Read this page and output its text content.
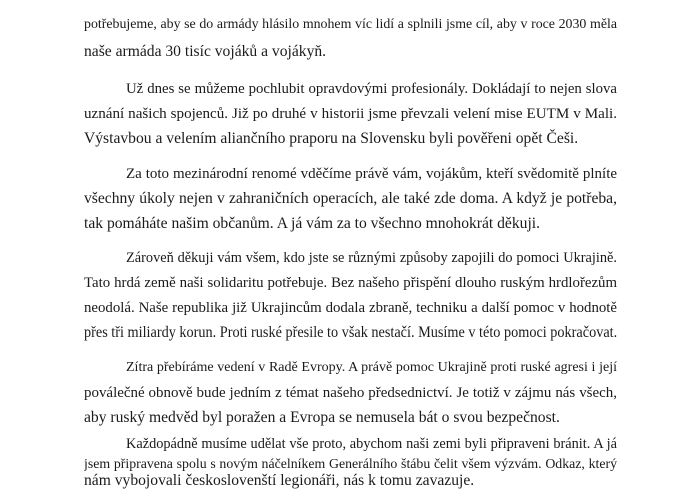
potřebujeme, aby se do armády hlásilo mnohem víc lidí a splnili jsme cíl, aby v roce 2030 měla
naše armáda 30 tisíc vojáků a vojákyň.
Už dnes se můžeme pochlubit opravdovými profesionály. Dokládají to nejen slova
uznání našich spojenců. Již po druhé v historii jsme převzali velení mise EUTM v Mali.
Výstavbou a velením aliančního praporu na Slovensku byli pověřeni opět Češi.
Za toto mezinárodní renomé vděčíme právě vám, vojákům, kteří svědomitě plníte
všechny úkoly nejen v zahraničních operacích, ale také zde doma. A když je potřeba,
tak pomáháte našim občanům. A já vám za to všechno mnohokrát děkuji.
Zároveň děkuji vám všem, kdo jste se různými způsoby zapojili do pomoci Ukrajině.
Tato hrdá země naši solidaritu potřebuje. Bez našeho přispění dlouho ruským hrdlořezům
neodolá. Naše republika již Ukrajincům dodala zbraně, techniku a další pomoc v hodnotě
přes tři miliardy korun. Proti ruské přesile to však nestačí. Musíme v této pomoci pokračovat.
Zítra přebíráme vedení v Radě Evropy. A právě pomoc Ukrajině proti ruské agresi i její
poválečné obnově bude jedním z témat našeho předsednictví. Je totiž v zájmu nás všech,
aby ruský medvěd byl poražen a Evropa se nemusela bát o svou bezpečnost.
Každopádně musíme udělat vše proto, abychom naši zemi byli připraveni bránit. A já
jsem připravena spolu s novým náčelníkem Generálního štábu čelit všem výzvám. Odkaz, který
nám vybojovali českoslovenští legionáři, nás k tomu zavazuje.
